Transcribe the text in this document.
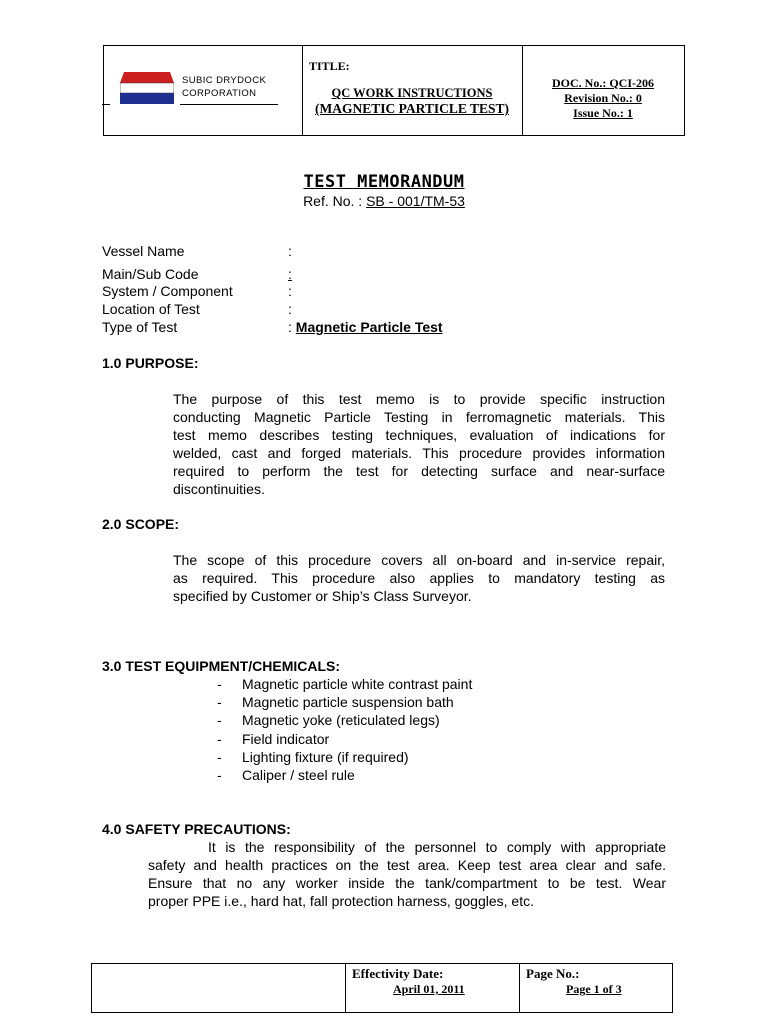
SUBIC DRYDOCK
CORPORATION
TITLE:
QC WORK INSTRUCTIONS
(MAGNETIC PARTICLE TEST)
DOC. No.: QCI-206
Revision No.: 0
Issue No.: 1
TEST MEMORANDUM
Ref. No. : SB - 001/TM-53
Vessel Name	:
Main/Sub Code	:
System / Component	:
Location of Test	:
Type of Test	: Magnetic Particle Test
1.0 PURPOSE:

The purpose of this test memo is to provide specific instruction
conducting Magnetic Particle Testing in ferromagnetic materials. This
test memo describes testing techniques, evaluation of indications for
welded, cast and forged materials. This procedure provides information
required to perform the test for detecting surface and near-surface
discontinuities.

2.0 SCOPE:

The scope of this procedure covers all on-board and in-service repair,
as required. This procedure also applies to mandatory testing as
specified by Customer or Ship’s Class Surveyor.

3.0 TEST EQUIPMENT/CHEMICALS:
- Magnetic particle white contrast paint
- Magnetic particle suspension bath
- Magnetic yoke (reticulated legs)
- Field indicator
- Lighting fixture (if required)
- Caliper / steel rule
4.0 SAFETY PRECAUTIONS:
It is the responsibility of the personnel to comply with appropriate
safety and health practices on the test area. Keep test area clear and safe.
Ensure that no any worker inside the tank/compartment to be test. Wear
proper PPE i.e., hard hat, fall protection harness, goggles, etc.
Effectivity Date:
April 01, 2011
Page No.:
Page 1 of 3
